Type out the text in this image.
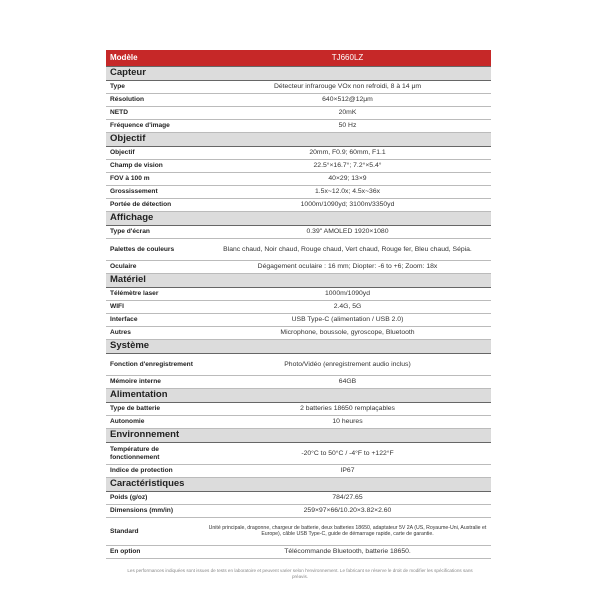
Modèle	TJ660LZ
Capteur	
Type	Détecteur infrarouge VOx non refroidi, 8 à 14 μm
Résolution	640×512@12μm
NETD	20mK
Fréquence d'image	50 Hz
Objectif	
Objectif	20mm, F0.9; 60mm, F1.1
Champ de vision	22.5°×16.7°; 7.2°×5.4°
FOV à 100 m	40×29; 13×9
Grossissement	1.5x~12.0x; 4.5x~36x
Portée de détection	1000m/1090yd; 3100m/3350yd
Affichage	
Type d'écran	0.39" AMOLED 1920×1080
Palettes de couleurs	Blanc chaud, Noir chaud, Rouge chaud, Vert chaud, Rouge fer, Bleu chaud, Sépia.
Oculaire	Dégagement oculaire : 16 mm; Diopter: -6 to +6; Zoom: 18x
Matériel	
Télémètre laser	1000m/1090yd
WIFI	2.4G, 5G
Interface	USB Type-C (alimentation / USB 2.0)
Autres	Microphone, boussole, gyroscope, Bluetooth
Système	
Fonction d'enregistrement	Photo/Vidéo (enregistrement audio inclus)
Mémoire interne	64GB
Alimentation	
Type de batterie	2 batteries 18650 remplaçables
Autonomie	10 heures
Environnement	
Température de fonctionnement	-20°C to 50°C / -4°F to +122°F
Indice de protection	IP67
Caractéristiques	
Poids (g/oz)	784/27.65
Dimensions (mm/in)	259×97×66/10.20×3.82×2.60
Standard	Unité principale, dragonne, chargeur de batterie, deux batteries 18650, adaptateur 5V 2A (US, Royaume-Uni, Australie et Europe), câble USB Type-C, guide de démarrage rapide, carte de garantie.
En option	Télécommande Bluetooth, batterie 18650.
Les performances indiquées sont issues de tests en laboratoire et peuvent varier selon l'environnement. Le fabricant se réserve le droit de modifier les spécifications sans préavis.
